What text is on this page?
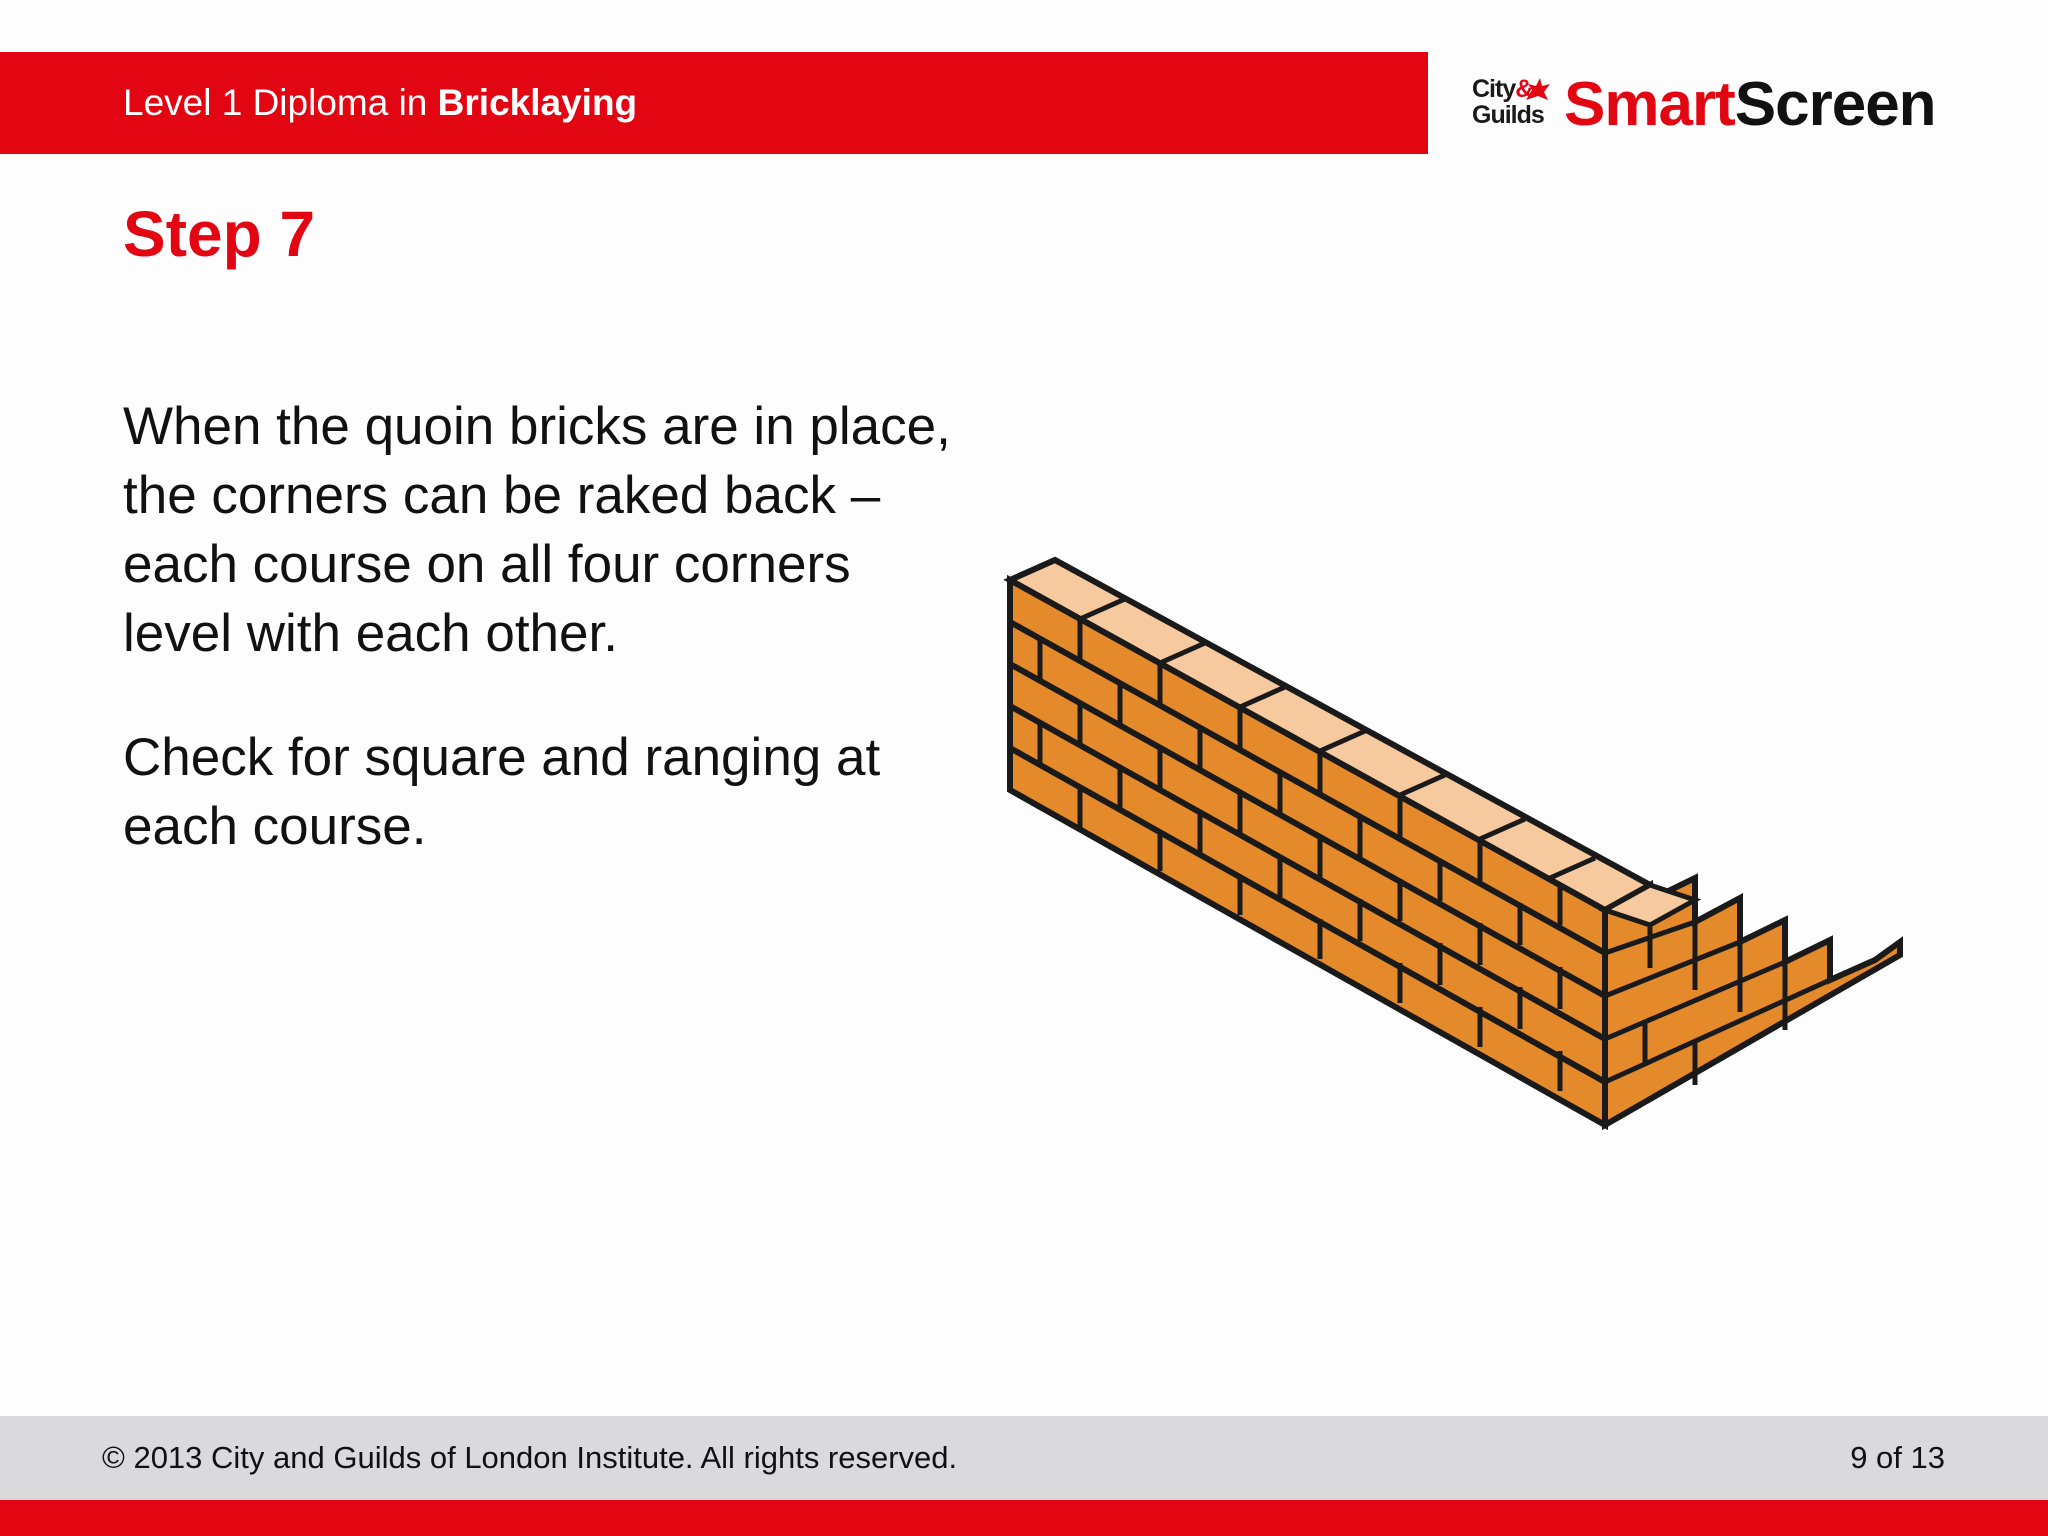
Level 1 Diploma in Bricklaying	City&
Guilds SmartScreen
Step 7

When the quoin bricks are in place, the corners can be raked back – each course on all four corners level with each other.

Check for square and ranging at each course.

© 2013 City and Guilds of London Institute. All rights reserved.	9 of 13
